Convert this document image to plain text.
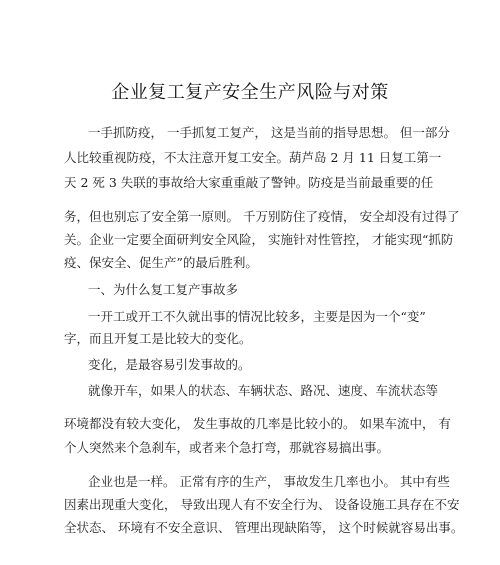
企业复工复产安全生产风险与对策
一手抓防疫， 一手抓复工复产， 这是当前的指导思想。 但一部分
人比较重视防疫，不太注意开复工安全。葫芦岛 2 月 11 日复工第一
天 2 死 3 失联的事故给大家重重敲了警钟。防疫是当前最重要的任
务，但也别忘了安全第一原则。 千万别防住了疫情， 安全却没有过得了
关。企业一定要全面研判安全风险， 实施针对性管控， 才能实现“抓防
疫、保安全、促生产”的最后胜利。
一、为什么复工复产事故多
一开工或开工不久就出事的情况比较多，主要是因为一个“变”
字，而且开复工是比较大的变化。
变化，是最容易引发事故的。
就像开车，如果人的状态、车辆状态、路况、速度、车流状态等
环境都没有较大变化， 发生事故的几率是比较小的。 如果车流中， 有
个人突然来个急刹车，或者来个急打弯，那就容易搞出事。
企业也是一样。 正常有序的生产， 事故发生几率也小。 其中有些
因素出现重大变化， 导致出现人有不安全行为、 设备设施工具存在不安
全状态、 环境有不安全意识、 管理出现缺陷等， 这个时候就容易出事。
